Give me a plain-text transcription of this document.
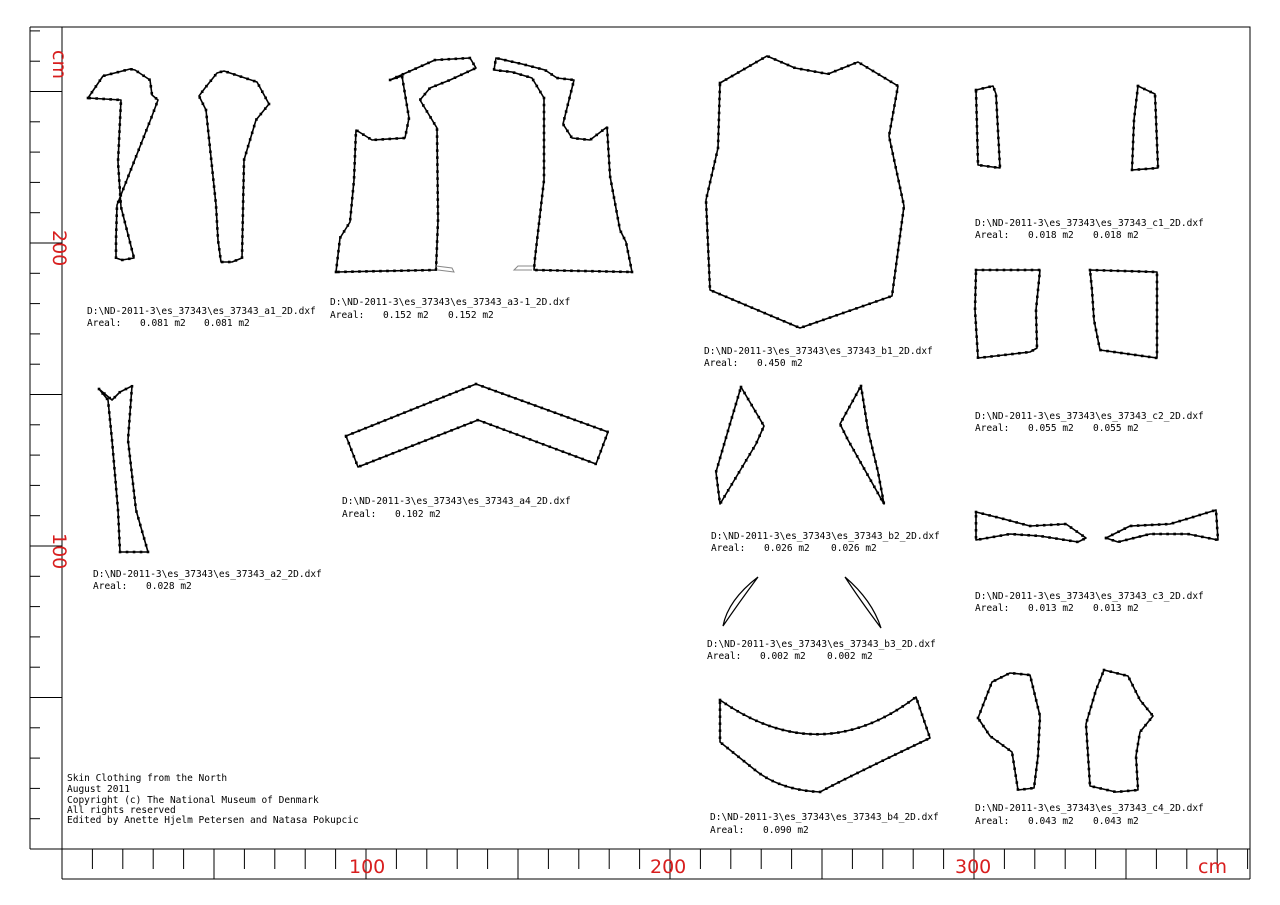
cm
200
100
100	200	300	cm
D:\ND-2011-3\es_37343\es_37343_a1_2D.dxf
Areal: 0.081 m2 0.081 m2
D:\ND-2011-3\es_37343\es_37343_a3-1_2D.dxf
Areal: 0.152 m2 0.152 m2
D:\ND-2011-3\es_37343\es_37343_b1_2D.dxf
Areal: 0.450 m2
D:\ND-2011-3\es_37343\es_37343_c1_2D.dxf
Areal: 0.018 m2 0.018 m2
D:\ND-2011-3\es_37343\es_37343_c2_2D.dxf
Areal: 0.055 m2 0.055 m2
D:\ND-2011-3\es_37343\es_37343_a2_2D.dxf
Areal: 0.028 m2
D:\ND-2011-3\es_37343\es_37343_a4_2D.dxf
Areal: 0.102 m2
D:\ND-2011-3\es_37343\es_37343_b2_2D.dxf
Areal: 0.026 m2 0.026 m2
D:\ND-2011-3\es_37343\es_37343_c3_2D.dxf
Areal: 0.013 m2 0.013 m2
D:\ND-2011-3\es_37343\es_37343_b3_2D.dxf
Areal: 0.002 m2 0.002 m2
D:\ND-2011-3\es_37343\es_37343_b4_2D.dxf
Areal: 0.090 m2
D:\ND-2011-3\es_37343\es_37343_c4_2D.dxf
Areal: 0.043 m2 0.043 m2
Skin Clothing from the North
August 2011
Copyright (c) The National Museum of Denmark
All rights reserved
Edited by Anette Hjelm Petersen and Natasa Pokupcic
